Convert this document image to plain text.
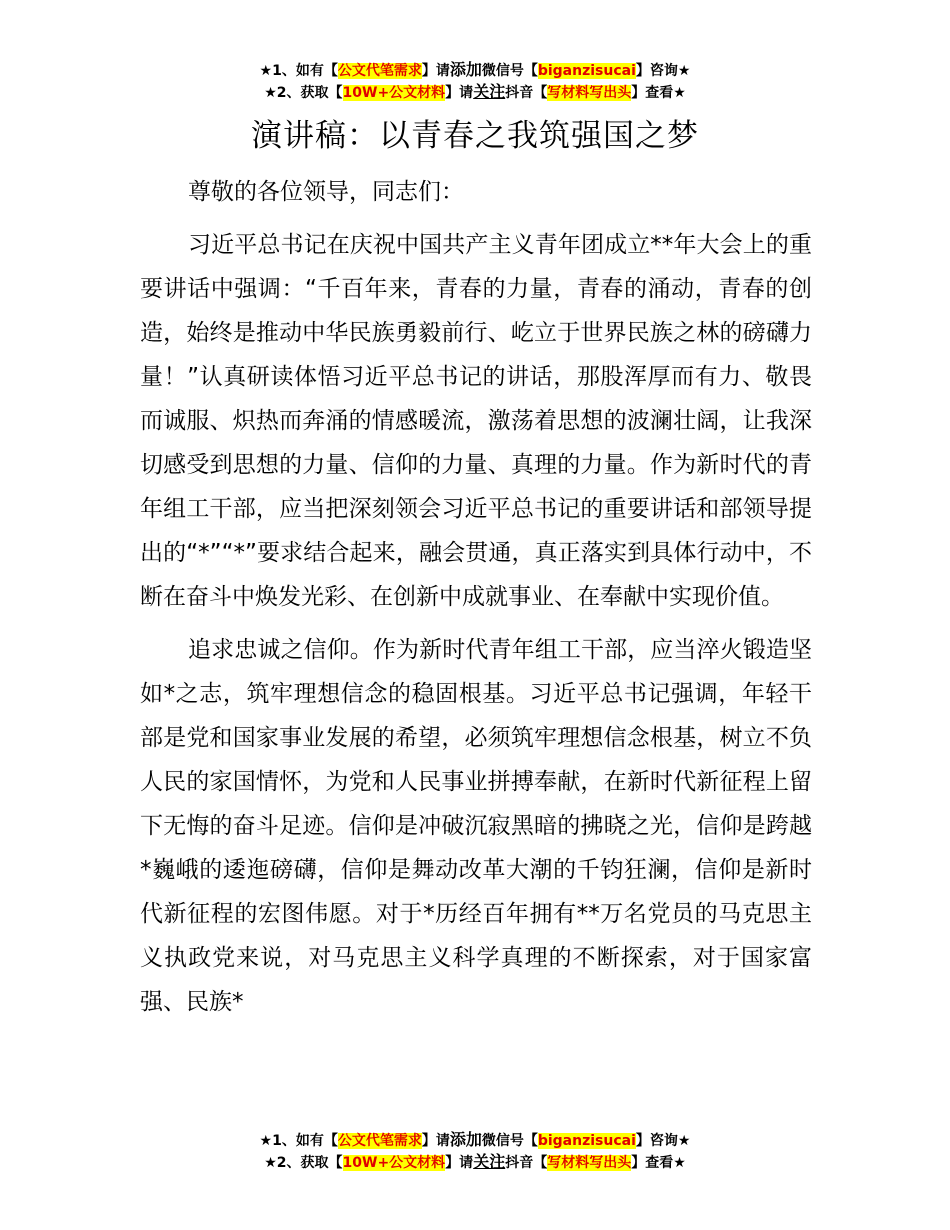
★1、如有【公文代笔需求】请添加微信号【biganzisucai】咨询★
★2、获取【10W+公文材料】请关注抖音【写材料写出头】查看★
演讲稿：以青春之我筑强国之梦

尊敬的各位领导，同志们：

习近平总书记在庆祝中国共产主义青年团成立**年大会上的重要讲话中强调：“千百年来，青春的力量，青春的涌动，青春的创造，始终是推动中华民族勇毅前行、屹立于世界民族之林的磅礴力量！”认真研读体悟习近平总书记的讲话，那股浑厚而有力、敬畏而诚服、炽热而奔涌的情感暖流，激荡着思想的波澜壮阔，让我深切感受到思想的力量、信仰的力量、真理的力量。作为新时代的青年组工干部，应当把深刻领会习近平总书记的重要讲话和部领导提出的“*”“*”要求结合起来，融会贯通，真正落实到具体行动中，不断在奋斗中焕发光彩、在创新中成就事业、在奉献中实现价值。

追求忠诚之信仰。作为新时代青年组工干部，应当淬火锻造坚如*之志，筑牢理想信念的稳固根基。习近平总书记强调，年轻干部是党和国家事业发展的希望，必须筑牢理想信念根基，树立不负人民的家国情怀，为党和人民事业拼搏奉献，在新时代新征程上留下无悔的奋斗足迹。信仰是冲破沉寂黑暗的拂晓之光，信仰是跨越*巍峨的逶迤磅礴，信仰是舞动改革大潮的千钧狂澜，信仰是新时代新征程的宏图伟愿。对于*历经百年拥有**万名党员的马克思主义执政党来说，对马克思主义科学真理的不断探索，对于国家富强、民族*

★1、如有【公文代笔需求】请添加微信号【biganzisucai】咨询★
★2、获取【10W+公文材料】请关注抖音【写材料写出头】查看★
